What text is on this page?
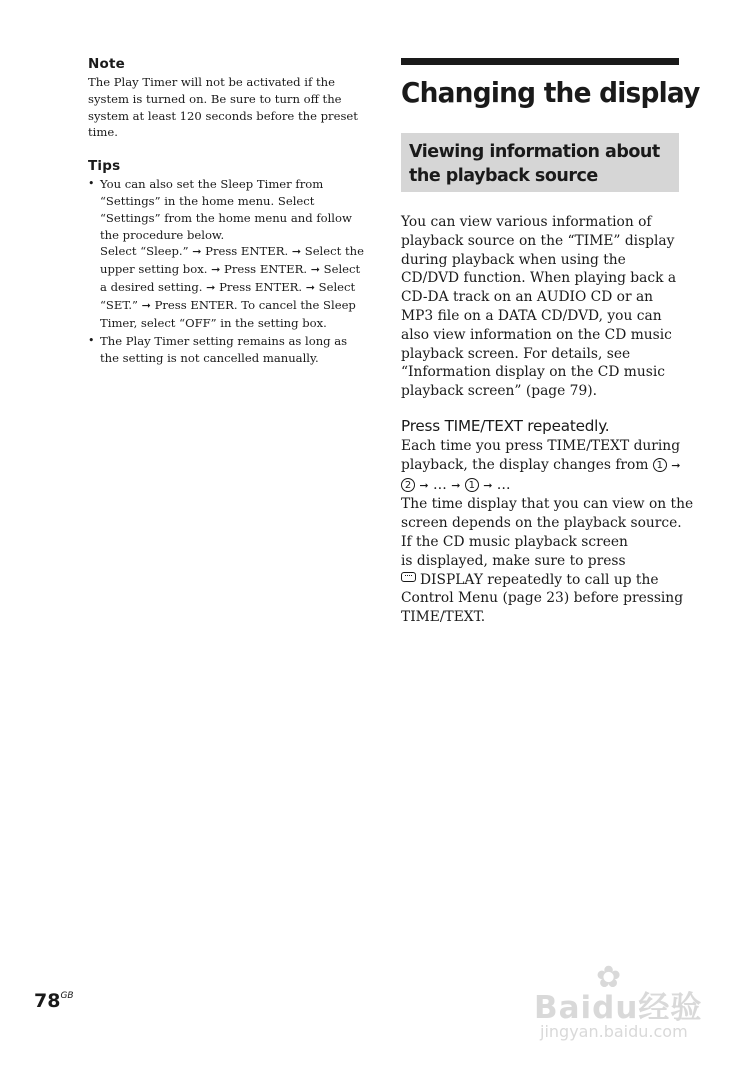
Note

The Play Timer will not be activated if the system is turned on. Be sure to turn off the system at least 120 seconds before the preset time.

Tips
• You can also set the Sleep Timer from “Settings” in the home menu. Select “Settings” from the home menu and follow the procedure below.
Select “Sleep.” ➞ Press ENTER. ➞ Select the upper setting box. ➞ Press ENTER. ➞ Select a desired setting. ➞ Press ENTER. ➞ Select “SET.” ➞ Press ENTER. To cancel the Sleep Timer, select “OFF” in the setting box.
• The Play Timer setting remains as long as the setting is not cancelled manually.
Changing the display
Viewing information about the playback source

You can view various information of playback source on the “TIME” display during playback when using the CD/DVD function. When playing back a CD-DA track on an AUDIO CD or an MP3 file on a DATA CD/DVD, you can also view information on the CD music playback screen. For details, see “Information display on the CD music playback screen” (page 79).

Press TIME/TEXT repeatedly.
Each time you press TIME/TEXT during
playback, the display changes from 1 ➞
2 ➞ … ➞ 1 ➞ …
The time display that you can view on the
screen depends on the playback source.
If the CD music playback screen
is displayed, make sure to press
DISPLAY repeatedly to call up the
Control Menu (page 23) before pressing
TIME/TEXT.
$78^{GB}$
✿
Baidu经验
jingyan.baidu.com
